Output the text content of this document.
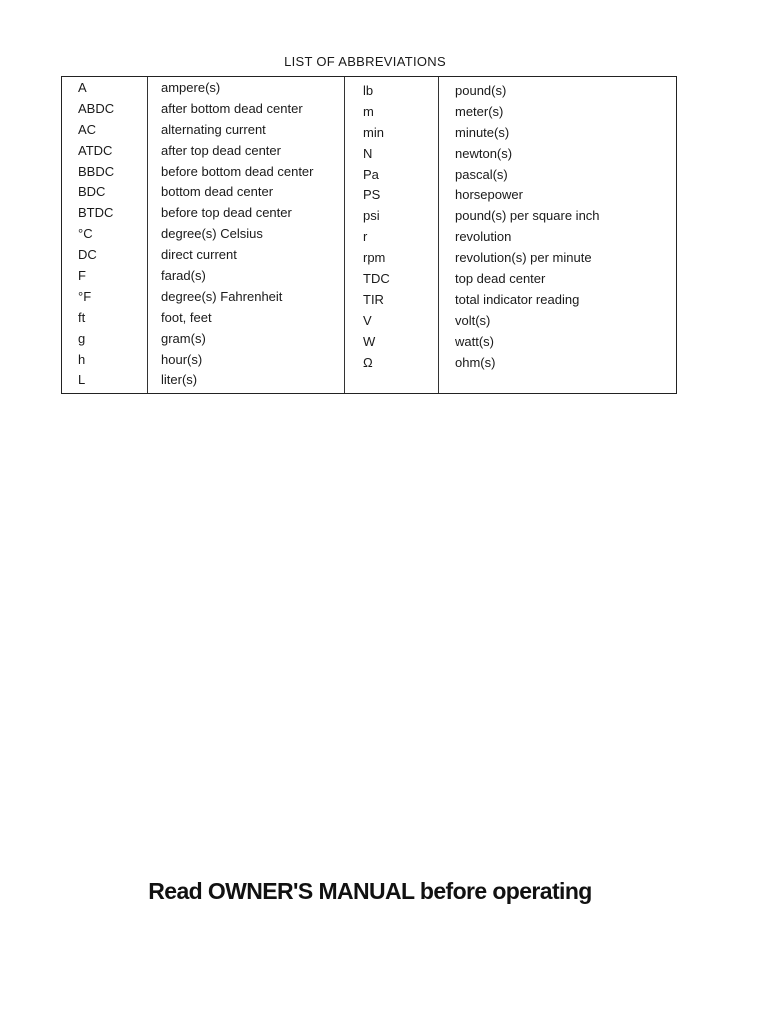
LIST OF ABBREVIATIONS
A
ABDC
AC
ATDC
BBDC
BDC
BTDC
°C
DC
F
°F
ft
g
h
L
ampere(s)
after bottom dead center
alternating current
after top dead center
before bottom dead center
bottom dead center
before top dead center
degree(s) Celsius
direct current
farad(s)
degree(s) Fahrenheit
foot, feet
gram(s)
hour(s)
liter(s)
lb
m
min
N
Pa
PS
psi
r
rpm
TDC
TIR
V
W
Ω
pound(s)
meter(s)
minute(s)
newton(s)
pascal(s)
horsepower
pound(s) per square inch
revolution
revolution(s) per minute
top dead center
total indicator reading
volt(s)
watt(s)
ohm(s)
Read OWNER'S MANUAL before operating
